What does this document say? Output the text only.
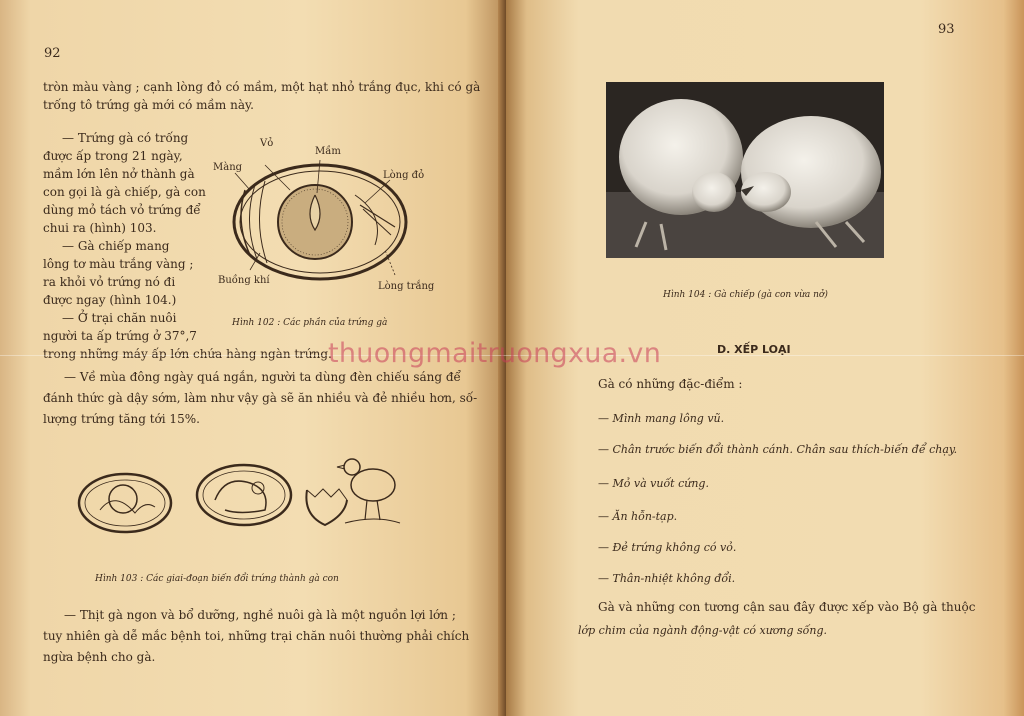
92

tròn màu vàng ; cạnh lòng đỏ có mầm, một hạt nhỏ trắng đục, khi có gà

trống tô trứng gà mới có mầm này.

— Trứng gà có trống

được ấp trong 21 ngày,

mầm lớn lên nở thành gà

con gọi là gà chiếp, gà con

dùng mỏ tách vỏ trứng để

chui ra (hình) 103.

— Gà chiếp mang

lông tơ màu trắng vàng ;

ra khỏi vỏ trứng nó đi

được ngay (hình 104.)

— Ở trại chăn nuôi

người ta ấp trứng ở 37°,7

trong những máy ấp lớn chứa hàng ngàn trứng.

Vỏ
Mầm
Màng
Lòng đỏ
Buồng khí
Lòng trắng
Hình 102 : Các phần của trứng gà

— Về mùa đông ngày quá ngắn, người ta dùng đèn chiếu sáng để

đánh thức gà dậy sớm, làm như vậy gà sẽ ăn nhiều và đẻ nhiều hơn, số-

lượng trứng tăng tới 15%.

Hình 103 : Các giai-đoạn biến đổi trứng thành gà con

— Thịt gà ngon và bổ dưỡng, nghề nuôi gà là một nguồn lợi lớn ;

tuy nhiên gà dễ mắc bệnh toi, những trại chăn nuôi thường phải chích

ngừa bệnh cho gà.

93
Hình 104 : Gà chiếp (gà con vừa nở)
D. XẾP LOẠI
Gà có những đặc-điểm :
— Mình mang lông vũ.
— Chân trước biến đổi thành cánh. Chân sau thích-biến để chạy.
— Mỏ và vuốt cứng.
— Ăn hỗn-tạp.
— Đẻ trứng không có vỏ.
— Thân-nhiệt không đổi.
Gà và những con tương cận sau đây được xếp vào Bộ gà thuộc
lớp chim của ngành động-vật có xương sống.
thuongmaitruongxua.vn
